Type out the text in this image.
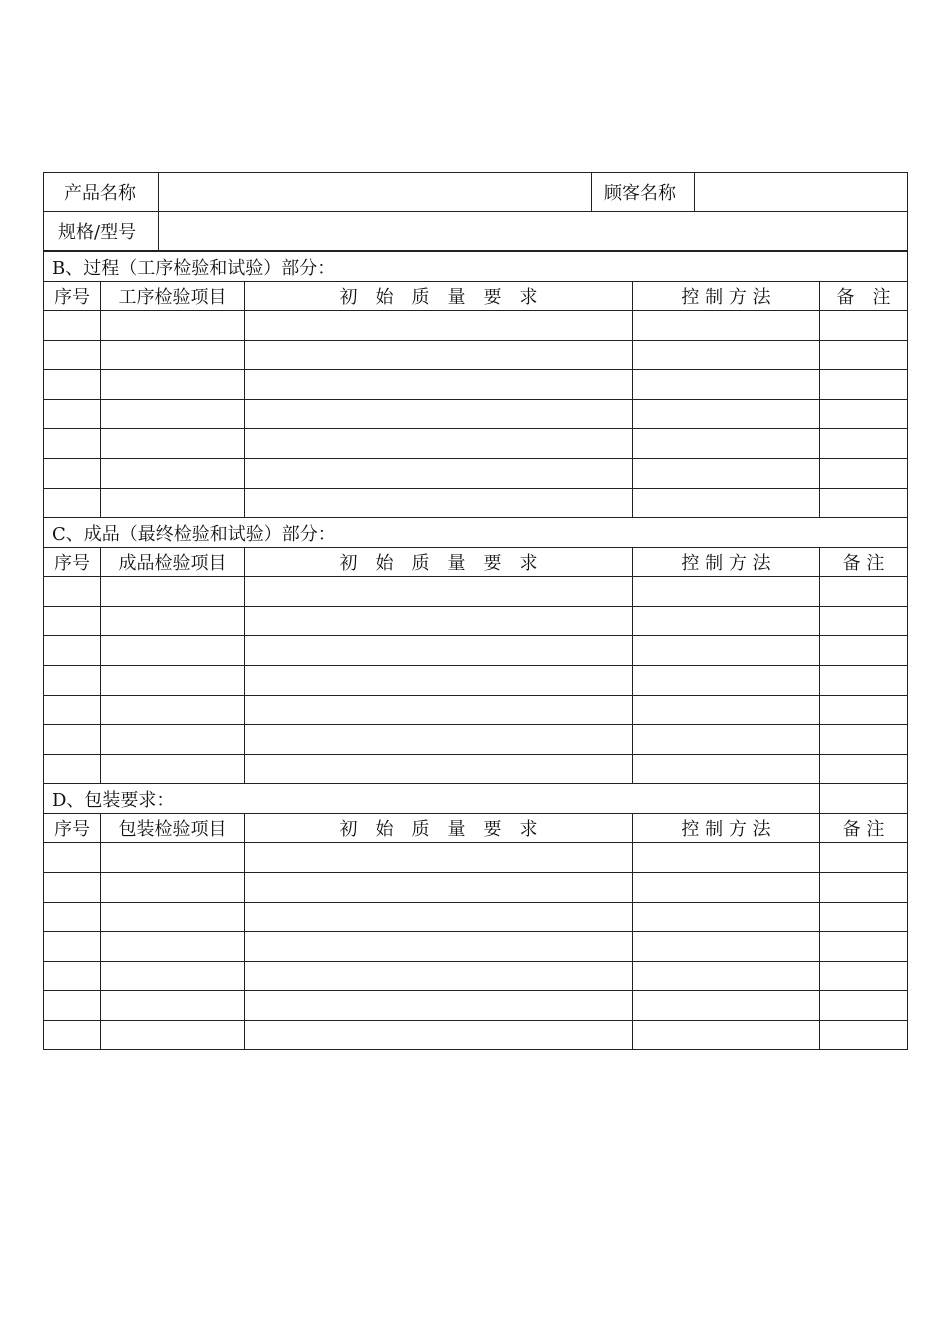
产品名称		顾客名称	
规格/型号			
B、过程（工序检验和试验）部分：				
序号	工序检验项目	初　始　质　量　要　求	控 制 方 法	备　注

C、成品（最终检验和试验）部分：				
序号	成品检验项目	初　始　质　量　要　求	控 制 方 法	备 注

D、包装要求：				
序号	包装检验项目	初　始　质　量　要　求	控 制 方 法	备 注
